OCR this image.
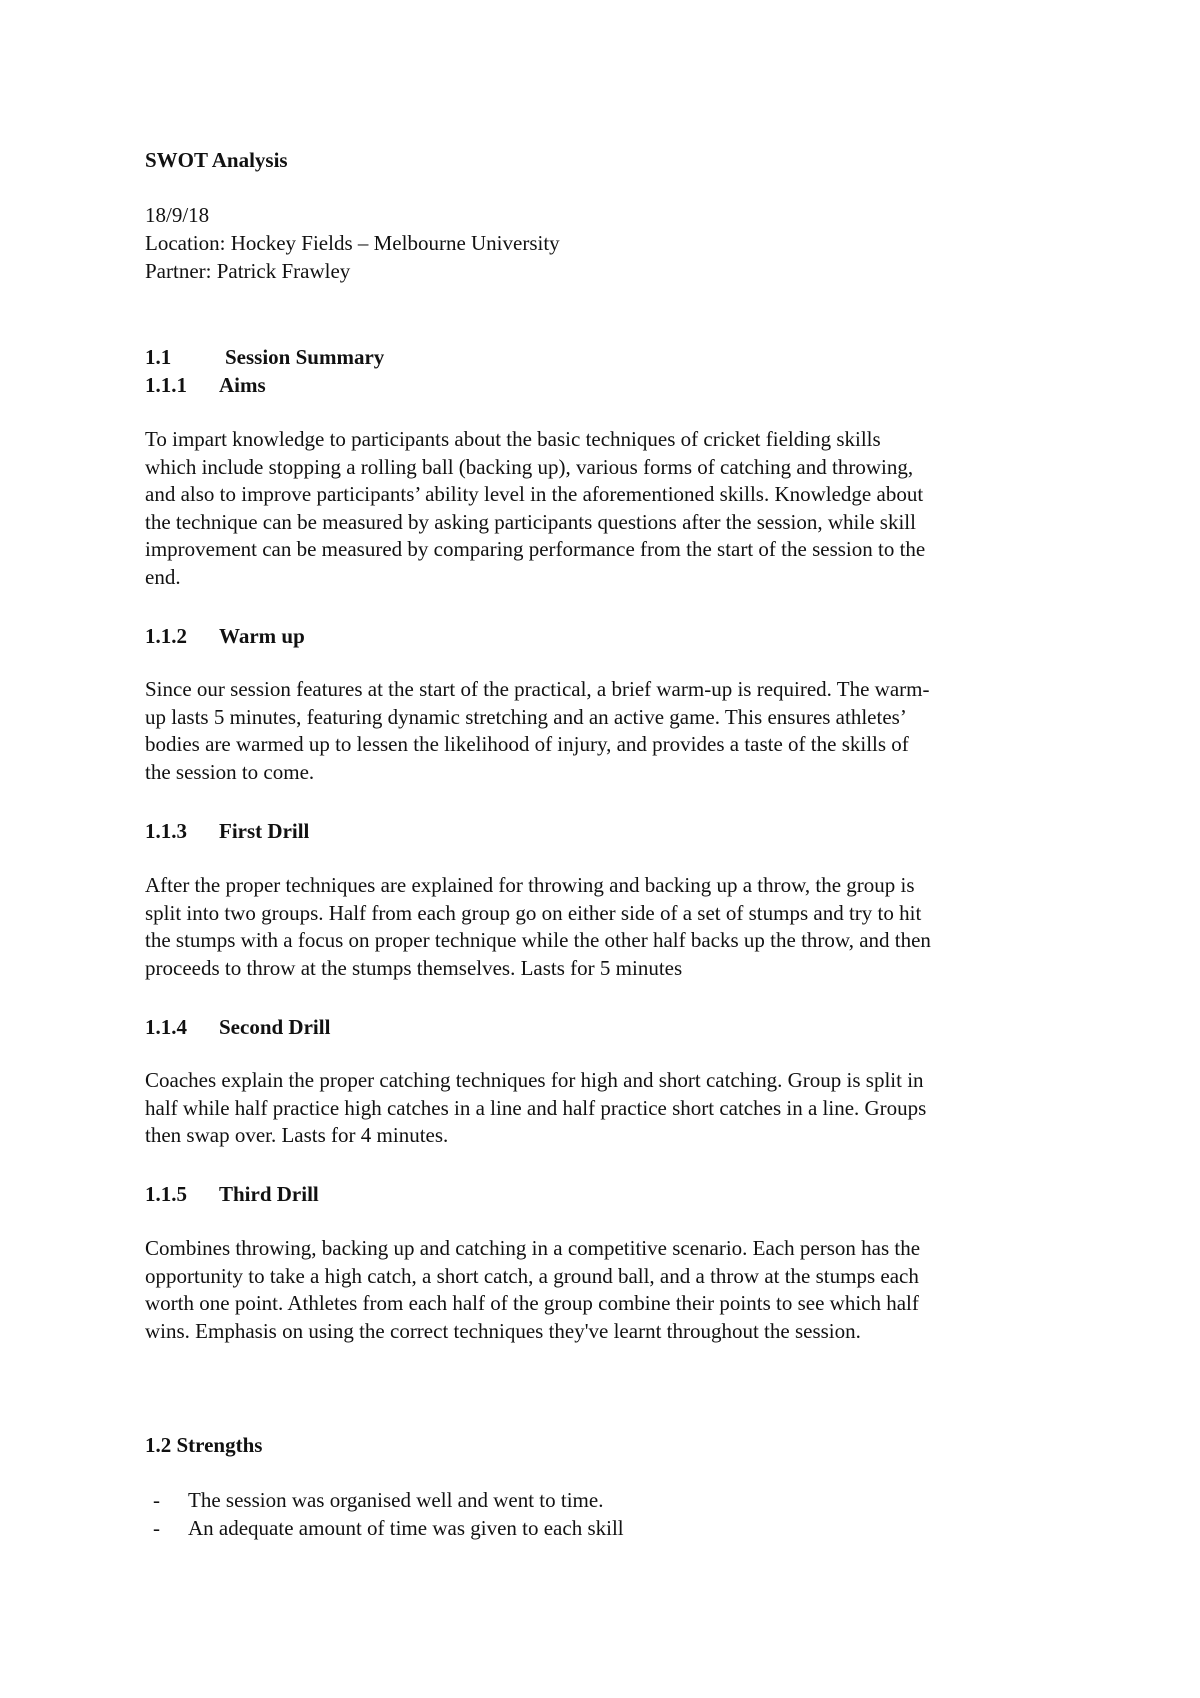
SWOT Analysis
18/9/18
Location: Hockey Fields – Melbourne University
Partner: Patrick Frawley
1.1	Session Summary
1.1.1 Aims
To impart knowledge to participants about the basic techniques of cricket fielding skills
which include stopping a rolling ball (backing up), various forms of catching and throwing,
and also to improve participants’ ability level in the aforementioned skills. Knowledge about
the technique can be measured by asking participants questions after the session, while skill
improvement can be measured by comparing performance from the start of the session to the
end.
1.1.2 Warm up
Since our session features at the start of the practical, a brief warm-up is required. The warm-
up lasts 5 minutes, featuring dynamic stretching and an active game. This ensures athletes’
bodies are warmed up to lessen the likelihood of injury, and provides a taste of the skills of
the session to come.
1.1.3 First Drill
After the proper techniques are explained for throwing and backing up a throw, the group is
split into two groups. Half from each group go on either side of a set of stumps and try to hit
the stumps with a focus on proper technique while the other half backs up the throw, and then
proceeds to throw at the stumps themselves. Lasts for 5 minutes
1.1.4 Second Drill
Coaches explain the proper catching techniques for high and short catching. Group is split in
half while half practice high catches in a line and half practice short catches in a line. Groups
then swap over. Lasts for 4 minutes.
1.1.5 Third Drill
Combines throwing, backing up and catching in a competitive scenario. Each person has the
opportunity to take a high catch, a short catch, a ground ball, and a throw at the stumps each
worth one point. Athletes from each half of the group combine their points to see which half
wins. Emphasis on using the correct techniques they've learnt throughout the session.
1.2 Strengths
- The session was organised well and went to time.
- An adequate amount of time was given to each skill
